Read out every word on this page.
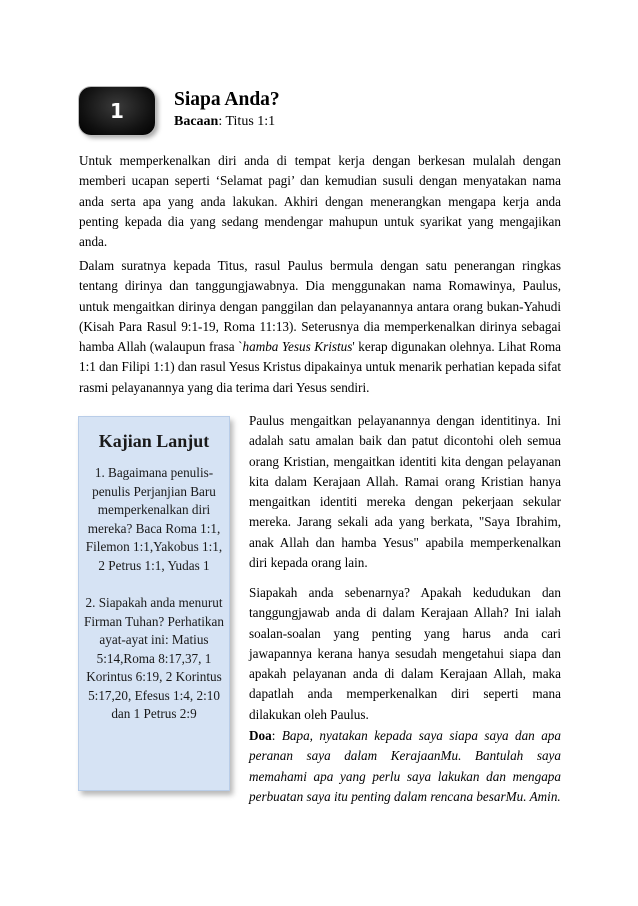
1	Siapa Anda?
Bacaan: Titus 1:1

Untuk memperkenalkan diri anda di tempat kerja dengan berkesan mulalah dengan memberi ucapan seperti ‘Selamat pagi’ dan kemudian susuli dengan menyatakan nama anda serta apa yang anda lakukan. Akhiri dengan menerangkan mengapa kerja anda penting kepada dia yang sedang mendengar mahupun untuk syarikat yang mengajikan anda.

Dalam suratnya kepada Titus, rasul Paulus bermula dengan satu penerangan ringkas tentang dirinya dan tanggungjawabnya. Dia menggunakan nama Romawinya, Paulus, untuk mengaitkan dirinya dengan panggilan dan pelayanannya antara orang bukan-Yahudi (Kisah Para Rasul 9:1-19, Roma 11:13). Seterusnya dia memperkenalkan dirinya sebagai hamba Allah (walaupun frasa `hamba Yesus Kristus' kerap digunakan olehnya. Lihat Roma 1:1 dan Filipi 1:1) dan rasul Yesus Kristus dipakainya untuk menarik perhatian kepada sifat rasmi pelayanannya yang dia terima dari Yesus sendiri.

Kajian Lanjut
1. Bagaimana penulis-penulis Perjanjian Baru memperkenalkan diri mereka? Baca Roma 1:1, Filemon 1:1,Yakobus 1:1, 2 Petrus 1:1, Yudas 1
2. Siapakah anda menurut Firman Tuhan? Perhatikan ayat-ayat ini: Matius 5:14,Roma 8:17,37, 1 Korintus 6:19, 2 Korintus 5:17,20, Efesus 1:4, 2:10 dan 1 Petrus 2:9

Paulus mengaitkan pelayanannya dengan identitinya. Ini adalah satu amalan baik dan patut dicontohi oleh semua orang Kristian, mengaitkan identiti kita dengan pelayanan kita dalam Kerajaan Allah. Ramai orang Kristian hanya mengaitkan identiti mereka dengan pekerjaan sekular mereka. Jarang sekali ada yang berkata, "Saya Ibrahim, anak Allah dan hamba Yesus" apabila memperkenalkan diri kepada orang lain.

Siapakah anda sebenarnya? Apakah kedudukan dan tanggungjawab anda di dalam Kerajaan Allah? Ini ialah soalan-soalan yang penting yang harus anda cari jawapannya kerana hanya sesudah mengetahui siapa dan apakah pelayanan anda di dalam Kerajaan Allah, maka dapatlah anda memperkenalkan diri seperti mana dilakukan oleh Paulus.

Doa: Bapa, nyatakan kepada saya siapa saya dan apa peranan saya dalam KerajaanMu. Bantulah saya memahami apa yang perlu saya lakukan dan mengapa perbuatan saya itu penting dalam rencana besarMu. Amin.
